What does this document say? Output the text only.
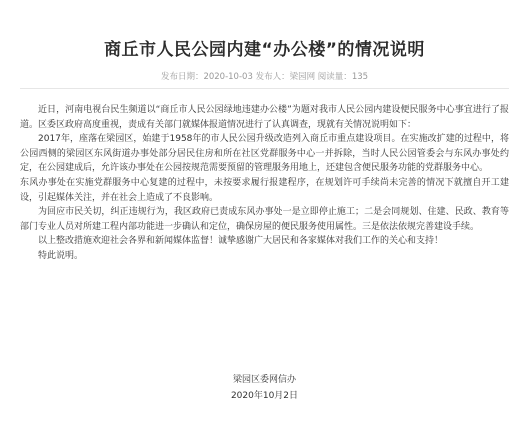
商丘市人民公园内建“办公楼”的情况说明
发布日期：2020-10-03 发布人：梁园网 阅读量：135

近日，河南电视台民生频道以“商丘市人民公园绿地违建办公楼”为题对我市人民公园内建设便民服务中心事宜进行了报道。区委区政府高度重视，责成有关部门就媒体报道情况进行了认真调查，现就有关情况说明如下：

2017年，座落在梁园区，始建于1958年的市人民公园升级改造列入商丘市重点建设项目。在实施改扩建的过程中，将公园西侧的梁园区东风街道办事处部分居民住房和所在社区党群服务中心一并拆除，当时人民公园管委会与东风办事处约定，在公园建成后，允许该办事处在公园按规范需要预留的管理服务用地上，还建包含便民服务功能的党群服务中心。

东风办事处在实施党群服务中心复建的过程中，未按要求履行报建程序，在规划许可手续尚未完善的情况下就擅自开工建设，引起媒体关注，并在社会上造成了不良影响。

为回应市民关切，纠正违规行为，我区政府已责成东风办事处一是立即停止施工；二是会同规划、住建、民政、教育等部门专业人员对所建工程内部功能进一步确认和定位，确保房屋的便民服务使用属性。三是依法依规完善建设手续。

以上整改措施欢迎社会各界和新闻媒体监督！诚挚感谢广大居民和各家媒体对我们工作的关心和支持！

特此说明。

梁园区委网信办
2020年10月2日
